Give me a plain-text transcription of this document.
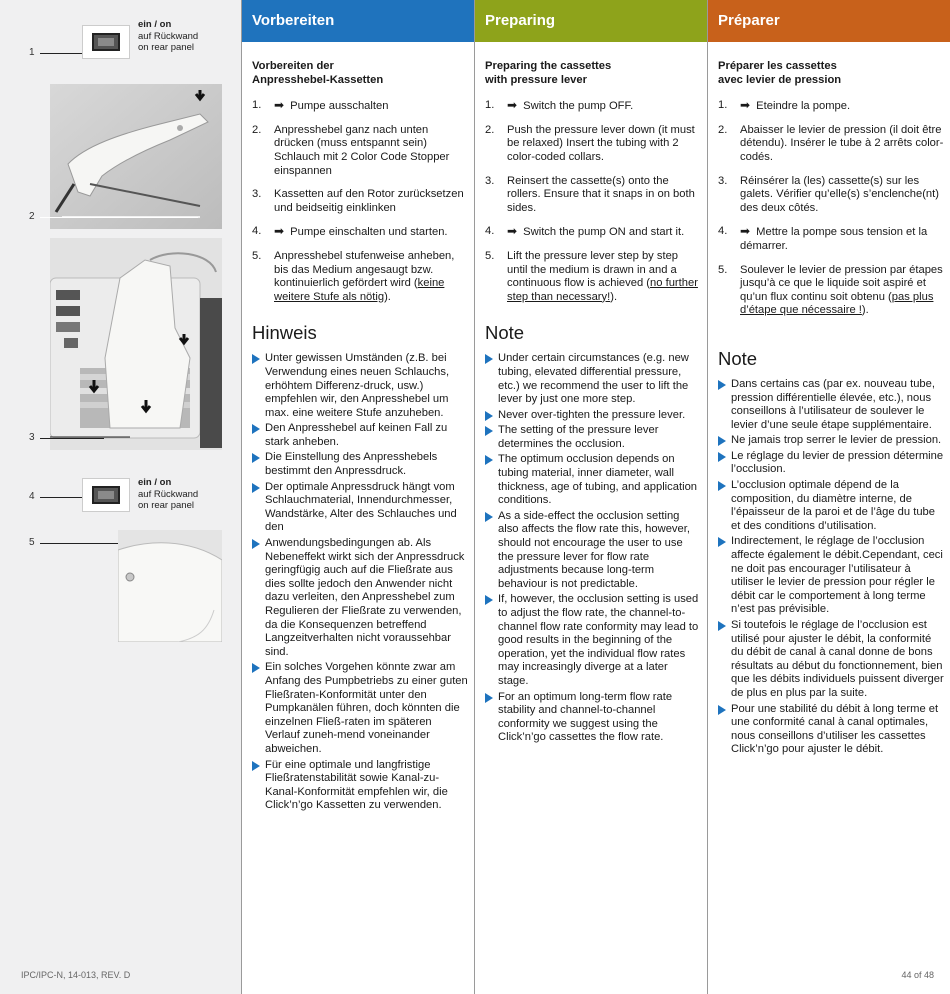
1
ein / on
auf Rückwand
on rear panel
2
3
4
ein / on
auf Rückwand
on rear panel
5
Vorbereiten
Vorbereiten der
Anpresshebel-Kassetten
1. ➡ Pumpe ausschalten
2. Anpresshebel ganz nach unten drücken (muss entspannt sein) Schlauch mit 2 Color Code Stopper einspannen
3. Kassetten auf den Rotor zurücksetzen und beidseitig einklinken
4. ➡ Pumpe einschalten und starten.
5. Anpresshebel stufenweise anheben, bis das Medium angesaugt bzw. kontinuierlich gefördert wird (keine weitere Stufe als nötig).
Hinweis
Unter gewissen Umständen (z.B. bei Verwendung eines neuen Schlauchs, erhöhtem Differenz-druck, usw.) empfehlen wir, den Anpresshebel um max. eine weitere Stufe anzuheben.
Den Anpresshebel auf keinen Fall zu stark anheben.
Die Einstellung des Anpresshebels bestimmt den Anpressdruck.
Der optimale Anpressdruck hängt vom Schlauchmaterial, Innendurchmesser, Wandstärke, Alter des Schlauches und den
Anwendungsbedingungen ab. Als Nebeneffekt wirkt sich der Anpressdruck geringfügig auch auf die Fließrate aus dies sollte jedoch den Anwender nicht dazu verleiten, den Anpresshebel zum Regulieren der Fließrate zu verwenden, da die Konsequenzen betreffend Langzeitverhalten nicht voraussehbar sind.
Ein solches Vorgehen könnte zwar am Anfang des Pumpbetriebs zu einer guten Fließraten-Konformität unter den Pumpkanälen führen, doch könnten die einzelnen Fließ-raten im späteren Verlauf zuneh-mend voneinander abweichen.
Für eine optimale und langfristige Fließratenstabilität sowie Kanal-zu-Kanal-Konformität empfehlen wir, die Click’n’go Kassetten zu verwenden.
Preparing
Preparing the cassettes
with pressure lever
1. ➡ Switch the pump OFF.
2. Push the pressure lever down (it must be relaxed) Insert the tubing with 2 color-coded collars.
3. Reinsert the cassette(s) onto the rollers. Ensure that it snaps in on both sides.
4. ➡ Switch the pump ON and start it.
5. Lift the pressure lever step by step until the medium is drawn in and a continuous flow is achieved (no further step than necessary!).
Note
Under certain circumstances (e.g. new tubing, elevated differential pressure, etc.) we recommend the user to lift the lever by just one more step.
Never over-tighten the pressure lever.
The setting of the pressure lever determines the occlusion.
The optimum occlusion depends on tubing material, inner diameter, wall thickness, age of tubing, and application conditions.
As a side-effect the occlusion setting also affects the flow rate this, however, should not encourage the user to use the pressure lever for flow rate adjustments because long-term behaviour is not predictable.
If, however, the occlusion setting is used to adjust the flow rate, the channel-to-channel flow rate conformity may lead to good results in the beginning of the operation, yet the individual flow rates may increasingly diverge at a later stage.
For an optimum long-term flow rate stability and channel-to-channel conformity we suggest using the Click’n’go cassettes the flow rate.
Préparer
Préparer les cassettes
avec levier de pression
1. ➡ Eteindre la pompe.
2. Abaisser le levier de pression (il doit être détendu). Insérer le tube à 2 arrêts color-codés.
3. Réinsérer la (les) cassette(s) sur les galets. Vérifier qu’elle(s) s’enclenche(nt) des deux côtés.
4. ➡ Mettre la pompe sous tension et la démarrer.
5. Soulever le levier de pression par étapes jusqu’à ce que le liquide soit aspiré et qu’un flux continu soit obtenu (pas plus d’étape que nécessaire !).
Note
Dans certains cas (par ex. nouveau tube, pression différentielle élevée, etc.), nous conseillons à l’utilisateur de soulever le levier d’une seule étape supplémentaire.
Ne jamais trop serrer le levier de pression.
Le réglage du levier de pression détermine l’occlusion.
L’occlusion optimale dépend de la composition, du diamètre interne, de l’épaisseur de la paroi et de l’âge du tube et des conditions d’utilisation.
Indirectement, le réglage de l’occlusion affecte également le débit.Cependant, ceci ne doit pas encourager l’utilisateur à utiliser le levier de pression pour régler le débit car le comportement à long terme n’est pas prévisible.
Si toutefois le réglage de l’occlusion est utilisé pour ajuster le débit, la conformité du débit de canal à canal donne de bons résultats au début du fonctionnement, bien que les débits individuels puissent diverger de plus en plus par la suite.
Pour une stabilité du débit à long terme et une conformité canal à canal optimales, nous conseillons d’utiliser les cassettes Click’n’go pour ajuster le débit.
IPC/IPC-N, 14-013, REV. D	44 of 48
